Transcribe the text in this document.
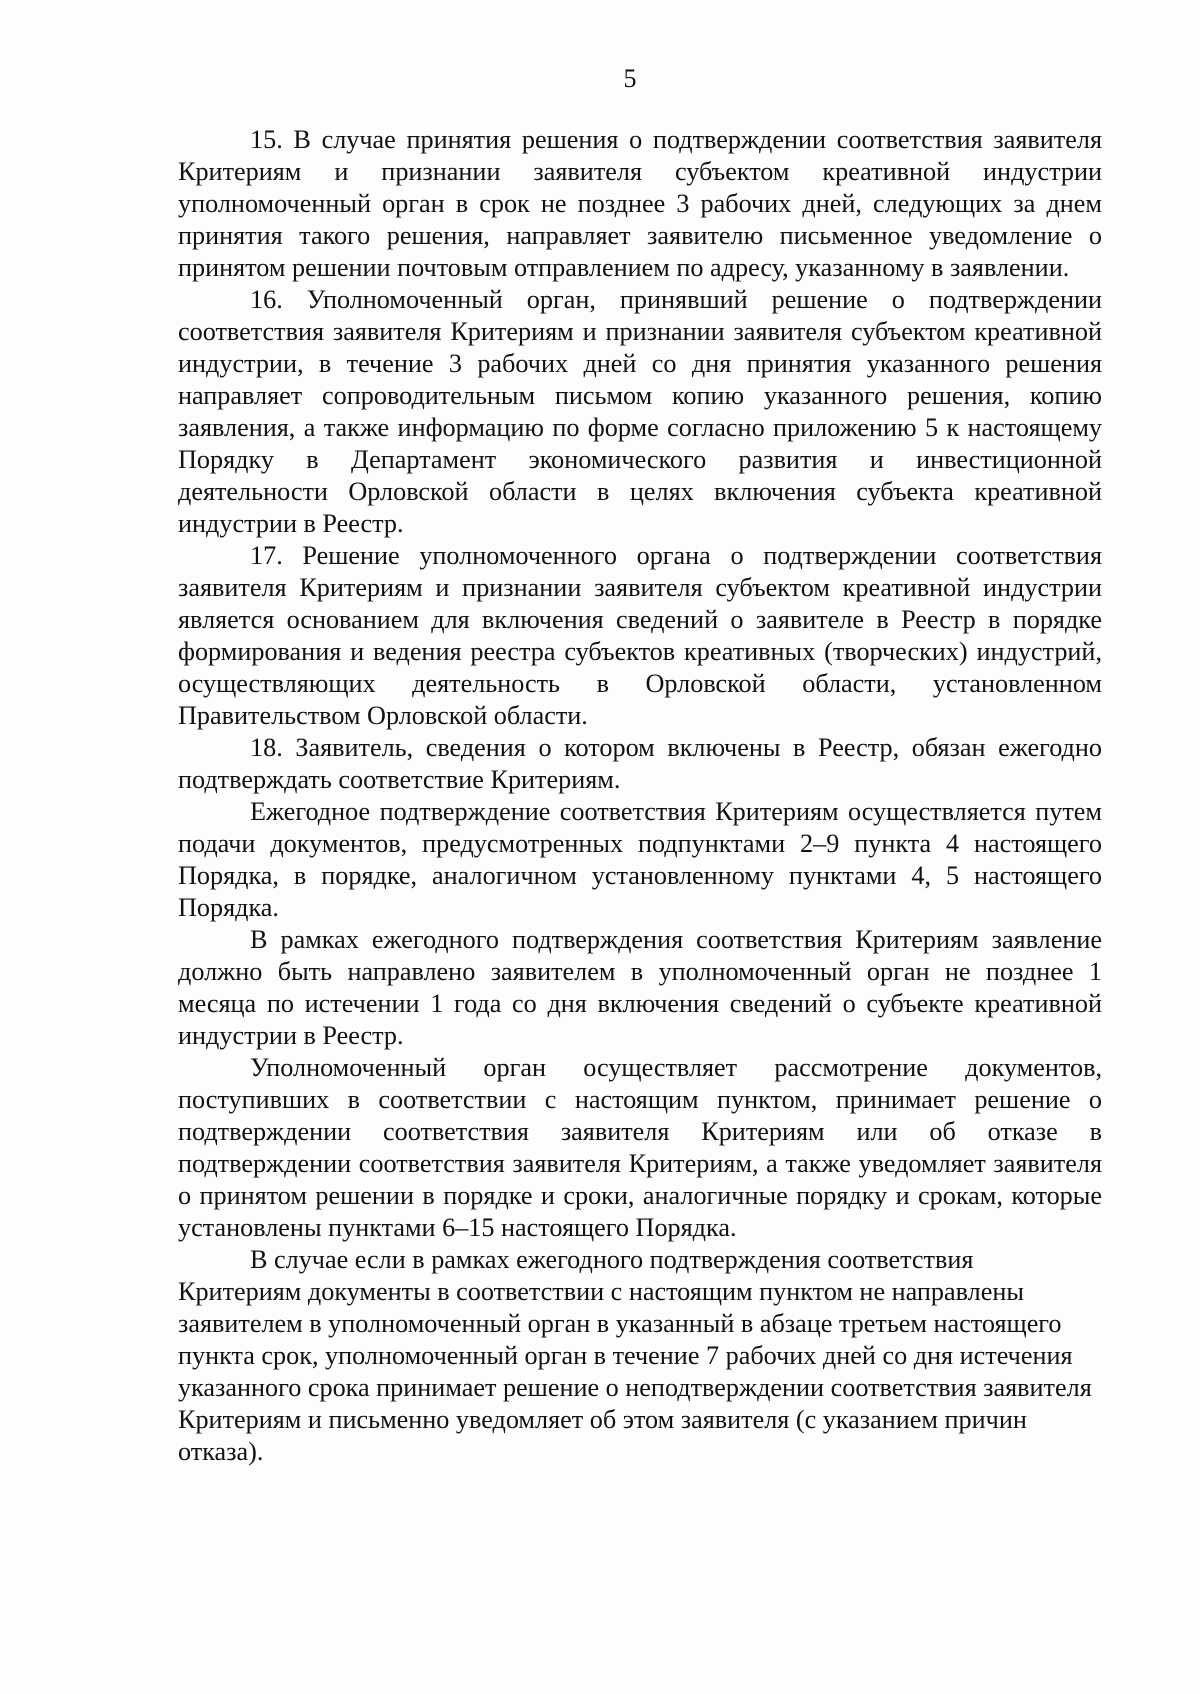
5

15. В случае принятия решения о подтверждении соответствия заявителя Критериям и признании заявителя субъектом креативной индустрии уполномоченный орган в срок не позднее 3 рабочих дней, следующих за днем принятия такого решения, направляет заявителю письменное уведомление о принятом решении почтовым отправлением по адресу, указанному в заявлении.

16. Уполномоченный орган, принявший решение о подтверждении соответствия заявителя Критериям и признании заявителя субъектом креативной индустрии, в течение 3 рабочих дней со дня принятия указанного решения направляет сопроводительным письмом копию указанного решения, копию заявления, а также информацию по форме согласно приложению 5 к настоящему Порядку в Департамент экономического развития и инвестиционной деятельности Орловской области в целях включения субъекта креативной индустрии в Реестр.

17. Решение уполномоченного органа о подтверждении соответствия заявителя Критериям и признании заявителя субъектом креативной индустрии является основанием для включения сведений о заявителе в Реестр в порядке формирования и ведения реестра субъектов креативных (творческих) индустрий, осуществляющих деятельность в Орловской области, установленном Правительством Орловской области.

18. Заявитель, сведения о котором включены в Реестр, обязан ежегодно подтверждать соответствие Критериям.

Ежегодное подтверждение соответствия Критериям осуществляется путем подачи документов, предусмотренных подпунктами 2–9 пункта 4 настоящего Порядка, в порядке, аналогичном установленному пунктами 4, 5 настоящего Порядка.

В рамках ежегодного подтверждения соответствия Критериям заявление должно быть направлено заявителем в уполномоченный орган не позднее 1 месяца по истечении 1 года со дня включения сведений о субъекте креативной индустрии в Реестр.

Уполномоченный орган осуществляет рассмотрение документов, поступивших в соответствии с настоящим пунктом, принимает решение о подтверждении соответствия заявителя Критериям или об отказе в подтверждении соответствия заявителя Критериям, а также уведомляет заявителя о принятом решении в порядке и сроки, аналогичные порядку и срокам, которые установлены пунктами 6–15 настоящего Порядка.

В случае если в рамках ежегодного подтверждения соответствия Критериям документы в соответствии с настоящим пунктом не направлены заявителем в уполномоченный орган в указанный в абзаце третьем настоящего пункта срок, уполномоченный орган в течение 7 рабочих дней со дня истечения указанного срока принимает решение о неподтверждении соответствия заявителя Критериям и письменно уведомляет об этом заявителя (с указанием причин отказа).
